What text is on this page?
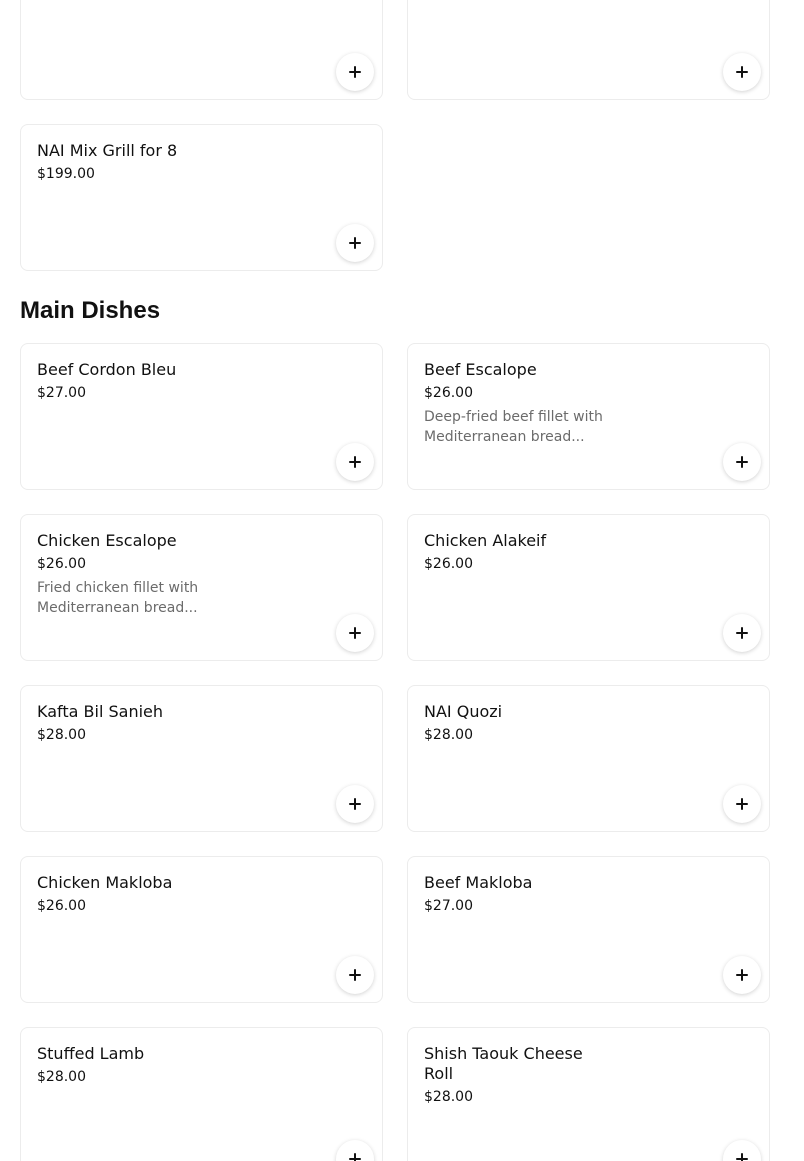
NAI Mix Grill for 8
$199.00
Main Dishes
Beef Cordon Bleu
$27.00
Beef Escalope
$26.00
Deep-fried beef fillet with Mediterranean bread...
Chicken Escalope
$26.00
Fried chicken fillet with Mediterranean bread...
Chicken Alakeif
$26.00
Kafta Bil Sanieh
$28.00
NAI Quozi
$28.00
Chicken Makloba
$26.00
Beef Makloba
$27.00
Stuffed Lamb
$28.00
Shish Taouk Cheese Roll
$28.00
